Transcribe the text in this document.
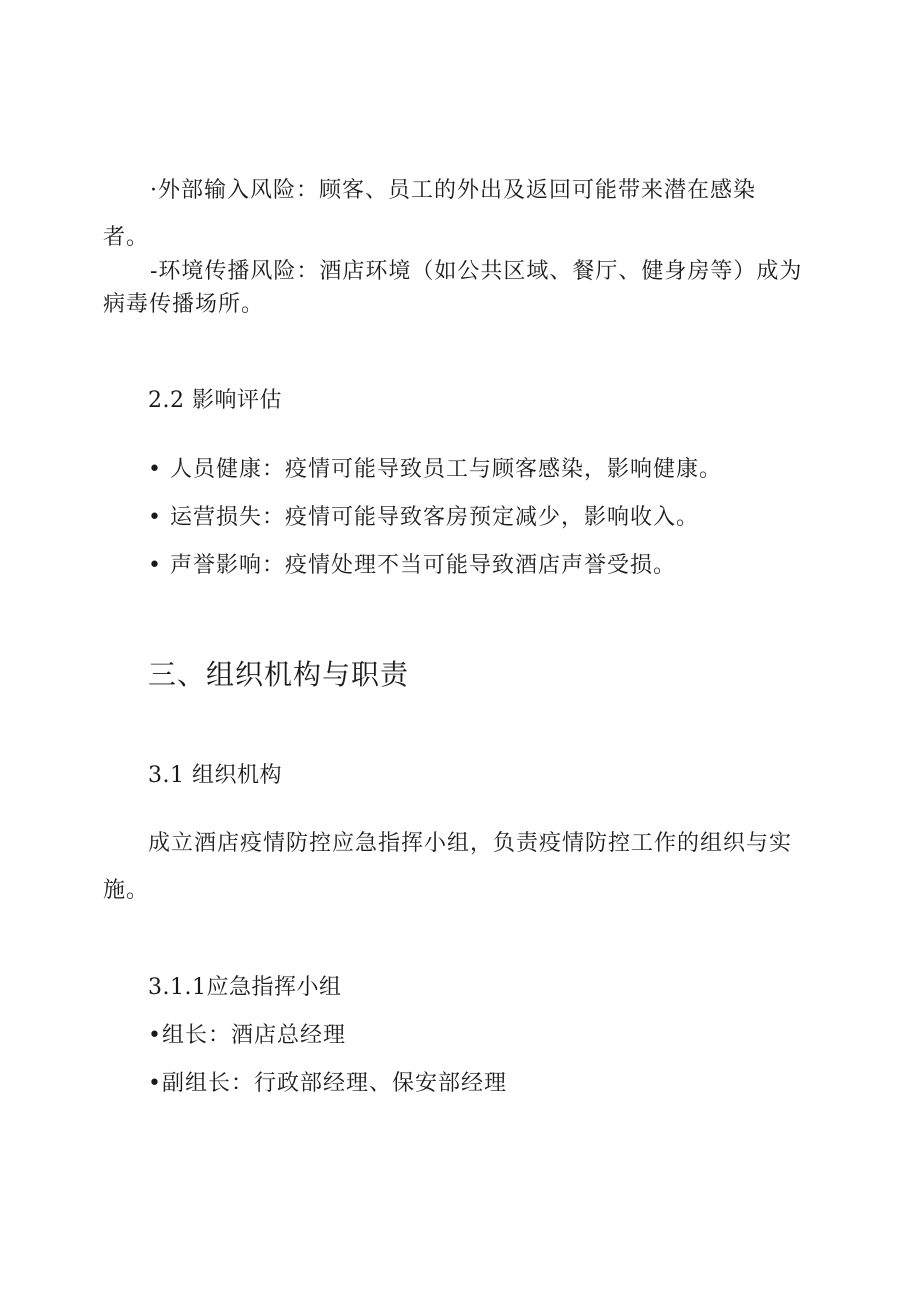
·外部输入风险：顾客、员工的外出及返回可能带来潜在感染
者。
-环境传播风险：酒店环境（如公共区域、餐厅、健身房等）成为
病毒传播场所。
2.2 影响评估
• 人员健康：疫情可能导致员工与顾客感染，影响健康。
• 运营损失：疫情可能导致客房预定减少，影响收入。
• 声誉影响：疫情处理不当可能导致酒店声誉受损。
三、组织机构与职责
3.1 组织机构
成立酒店疫情防控应急指挥小组，负责疫情防控工作的组织与实
施。
3.1.1应急指挥小组
•组长：酒店总经理
•副组长：行政部经理、保安部经理
